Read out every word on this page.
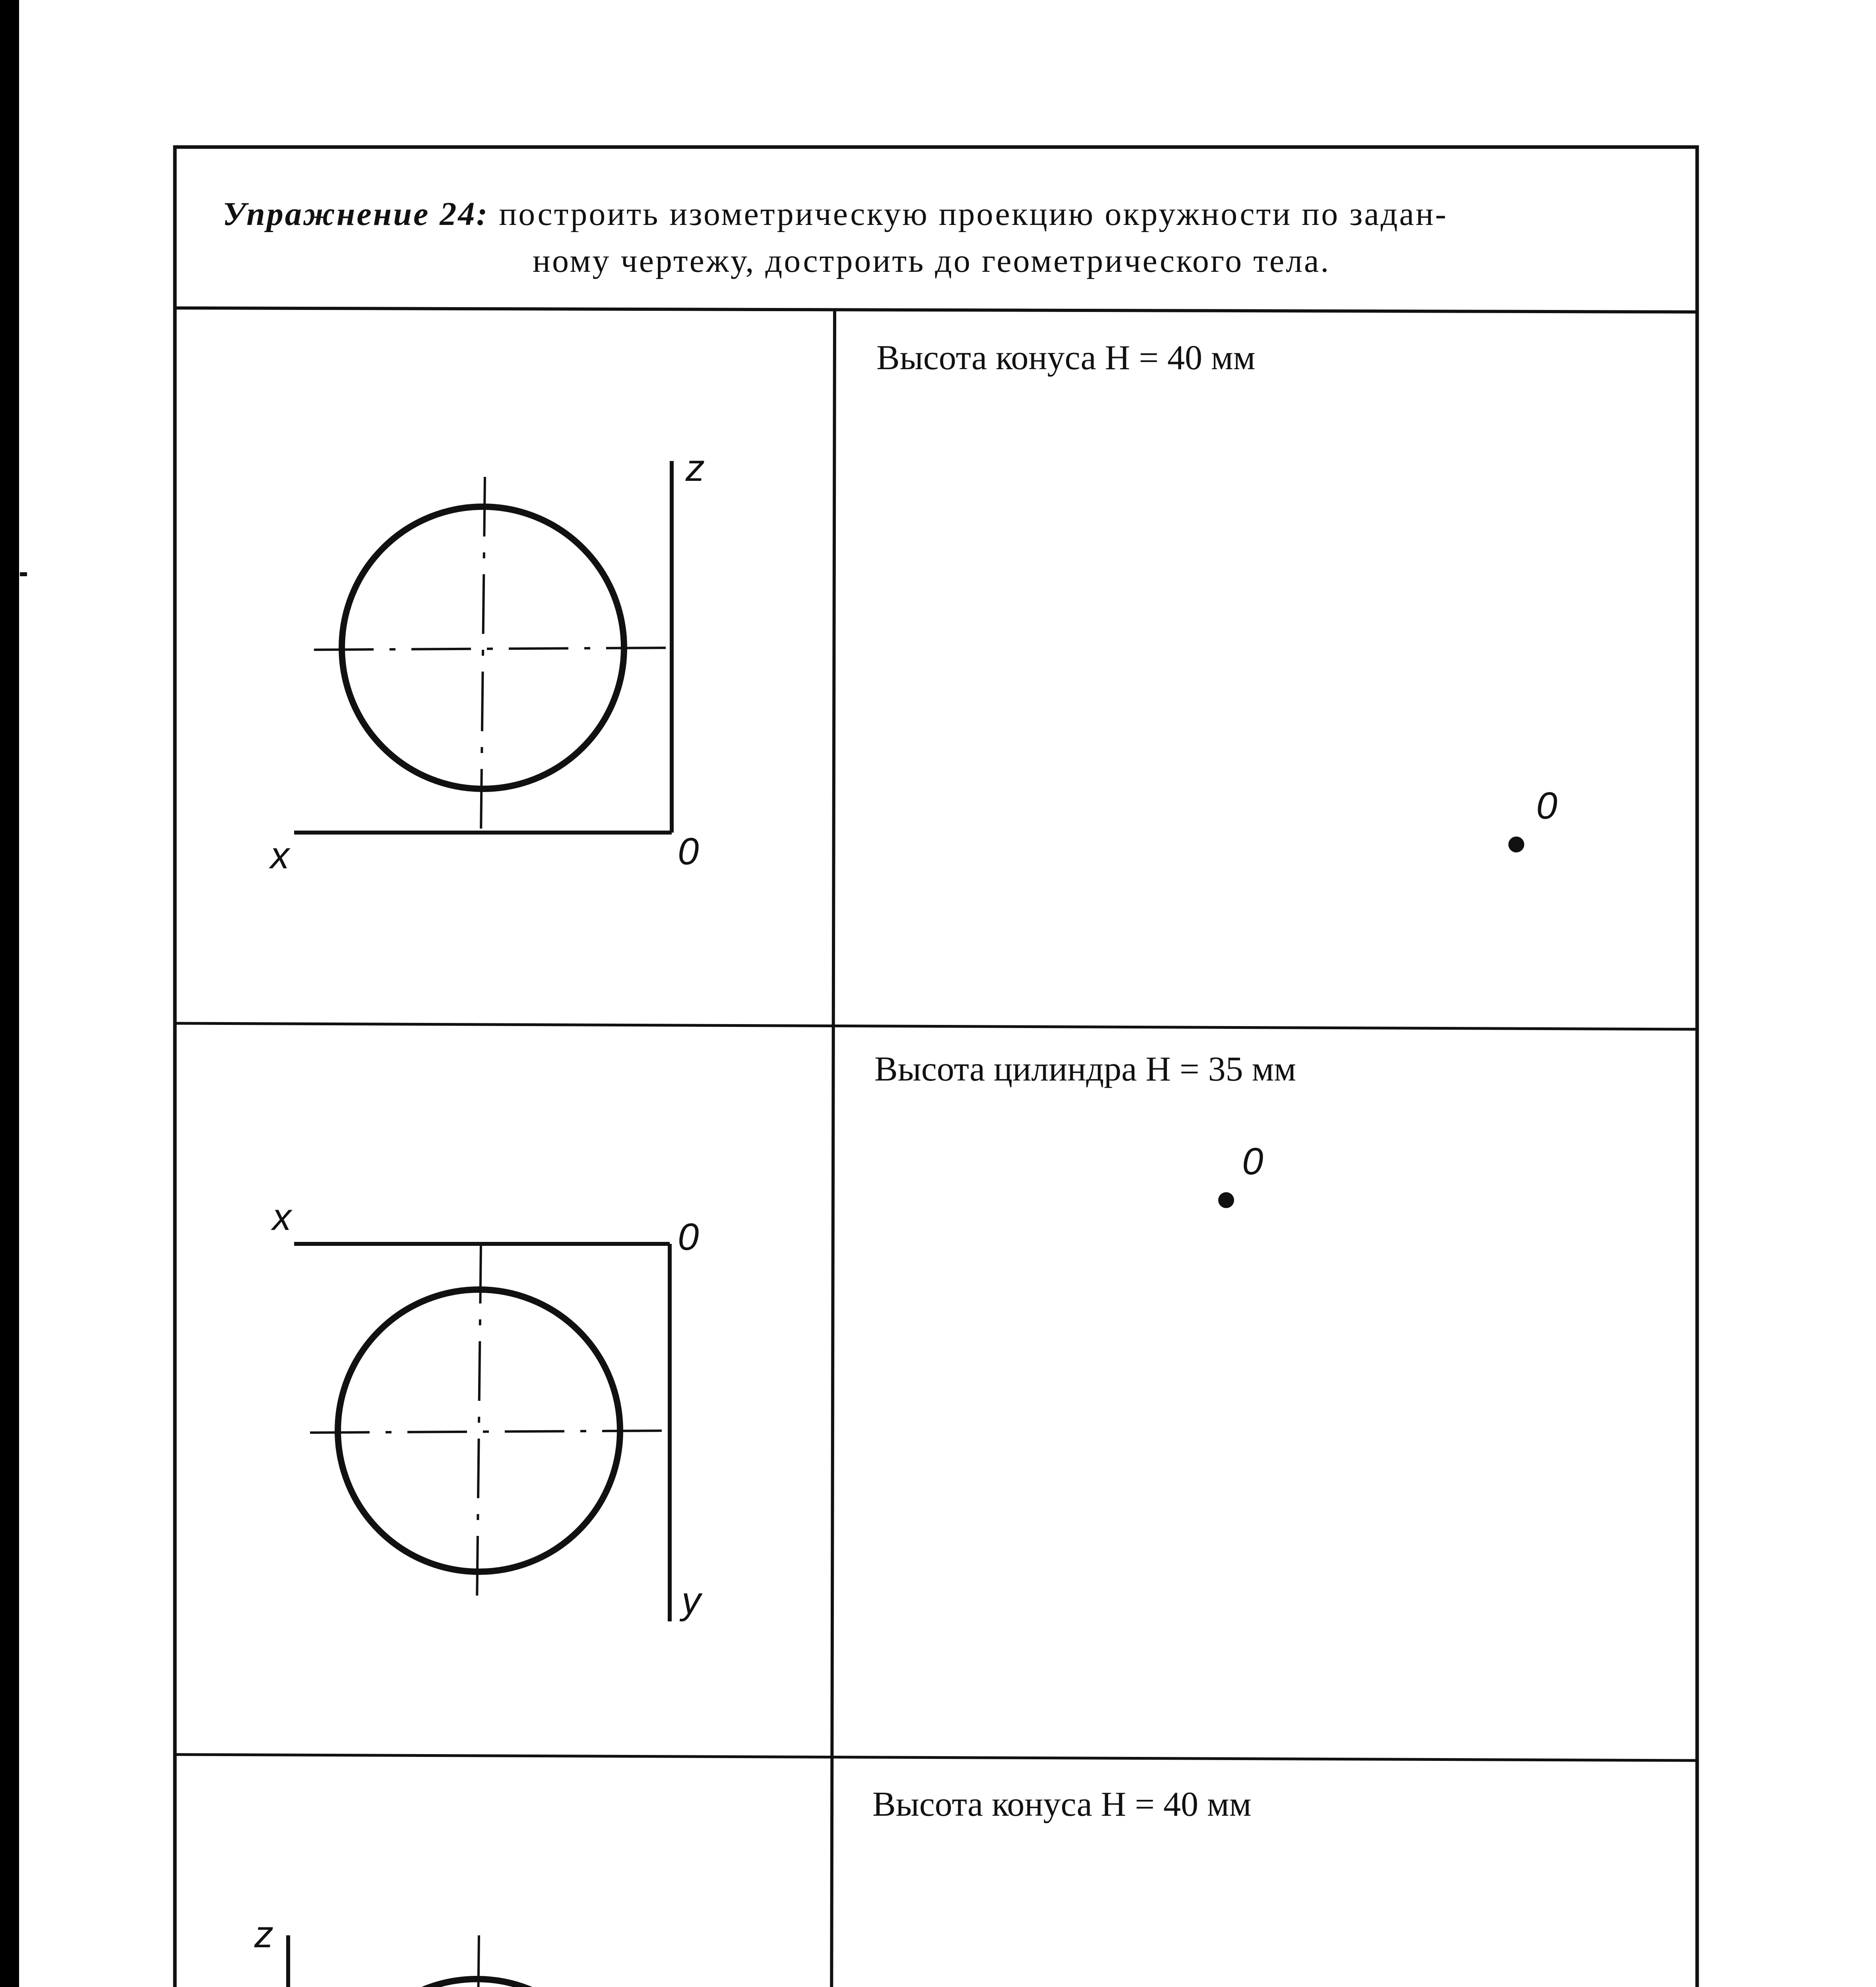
Упражнение 24: построить изометрическую проекцию окружности по задан-
ному чертежу, достроить до геометрического тела.
Высота конуса Н = 40 мм
Высота цилиндра Н = 35 мм
Высота конуса Н = 40 мм
z
x	0
0
x	0
y
0
z
